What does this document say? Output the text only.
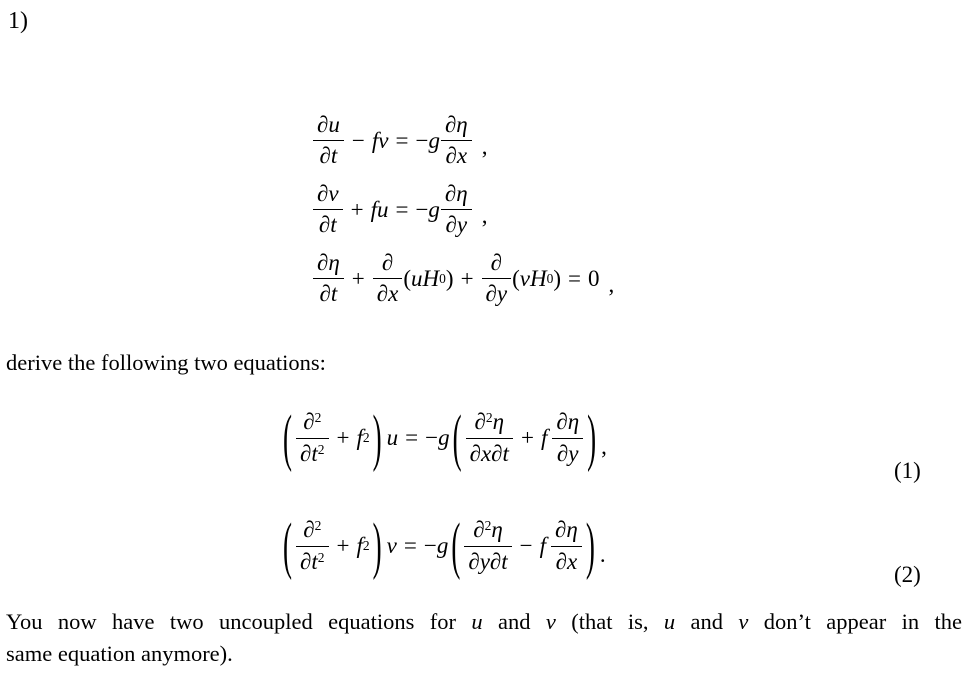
1)
$\frac{\partial u}{\partial t}$ − fv = − g $\frac{\partial\eta}{\partial x}$ ,
$\frac{\partial v}{\partial t}$ + fu = − g $\frac{\partial\eta}{\partial y}$ ,
$\frac{\partial\eta}{\partial t} + \frac{\partial}{\partial x}$ ( uH 0 ) + $\frac{\partial}{\partial y}$ ( vH 0 ) = 0 ,
derive the following two equations:
( $\frac{\partial^2}{\partial t^2} + f$ 2 ) u = − g ( $\frac{\partial^2\eta}{\partial x\partial t} + f \frac{\partial\eta}{\partial y}$ ) ,
(1)
( $\frac{\partial^2}{\partial t^2} + f$ 2 ) v = − g ( $\frac{\partial^2\eta}{\partial y\partial t} - f \frac{\partial\eta}{\partial x}$ ) .
(2)
You now have two uncoupled equations for u and v (that is, u and v don’t appear in the
same equation anymore).
